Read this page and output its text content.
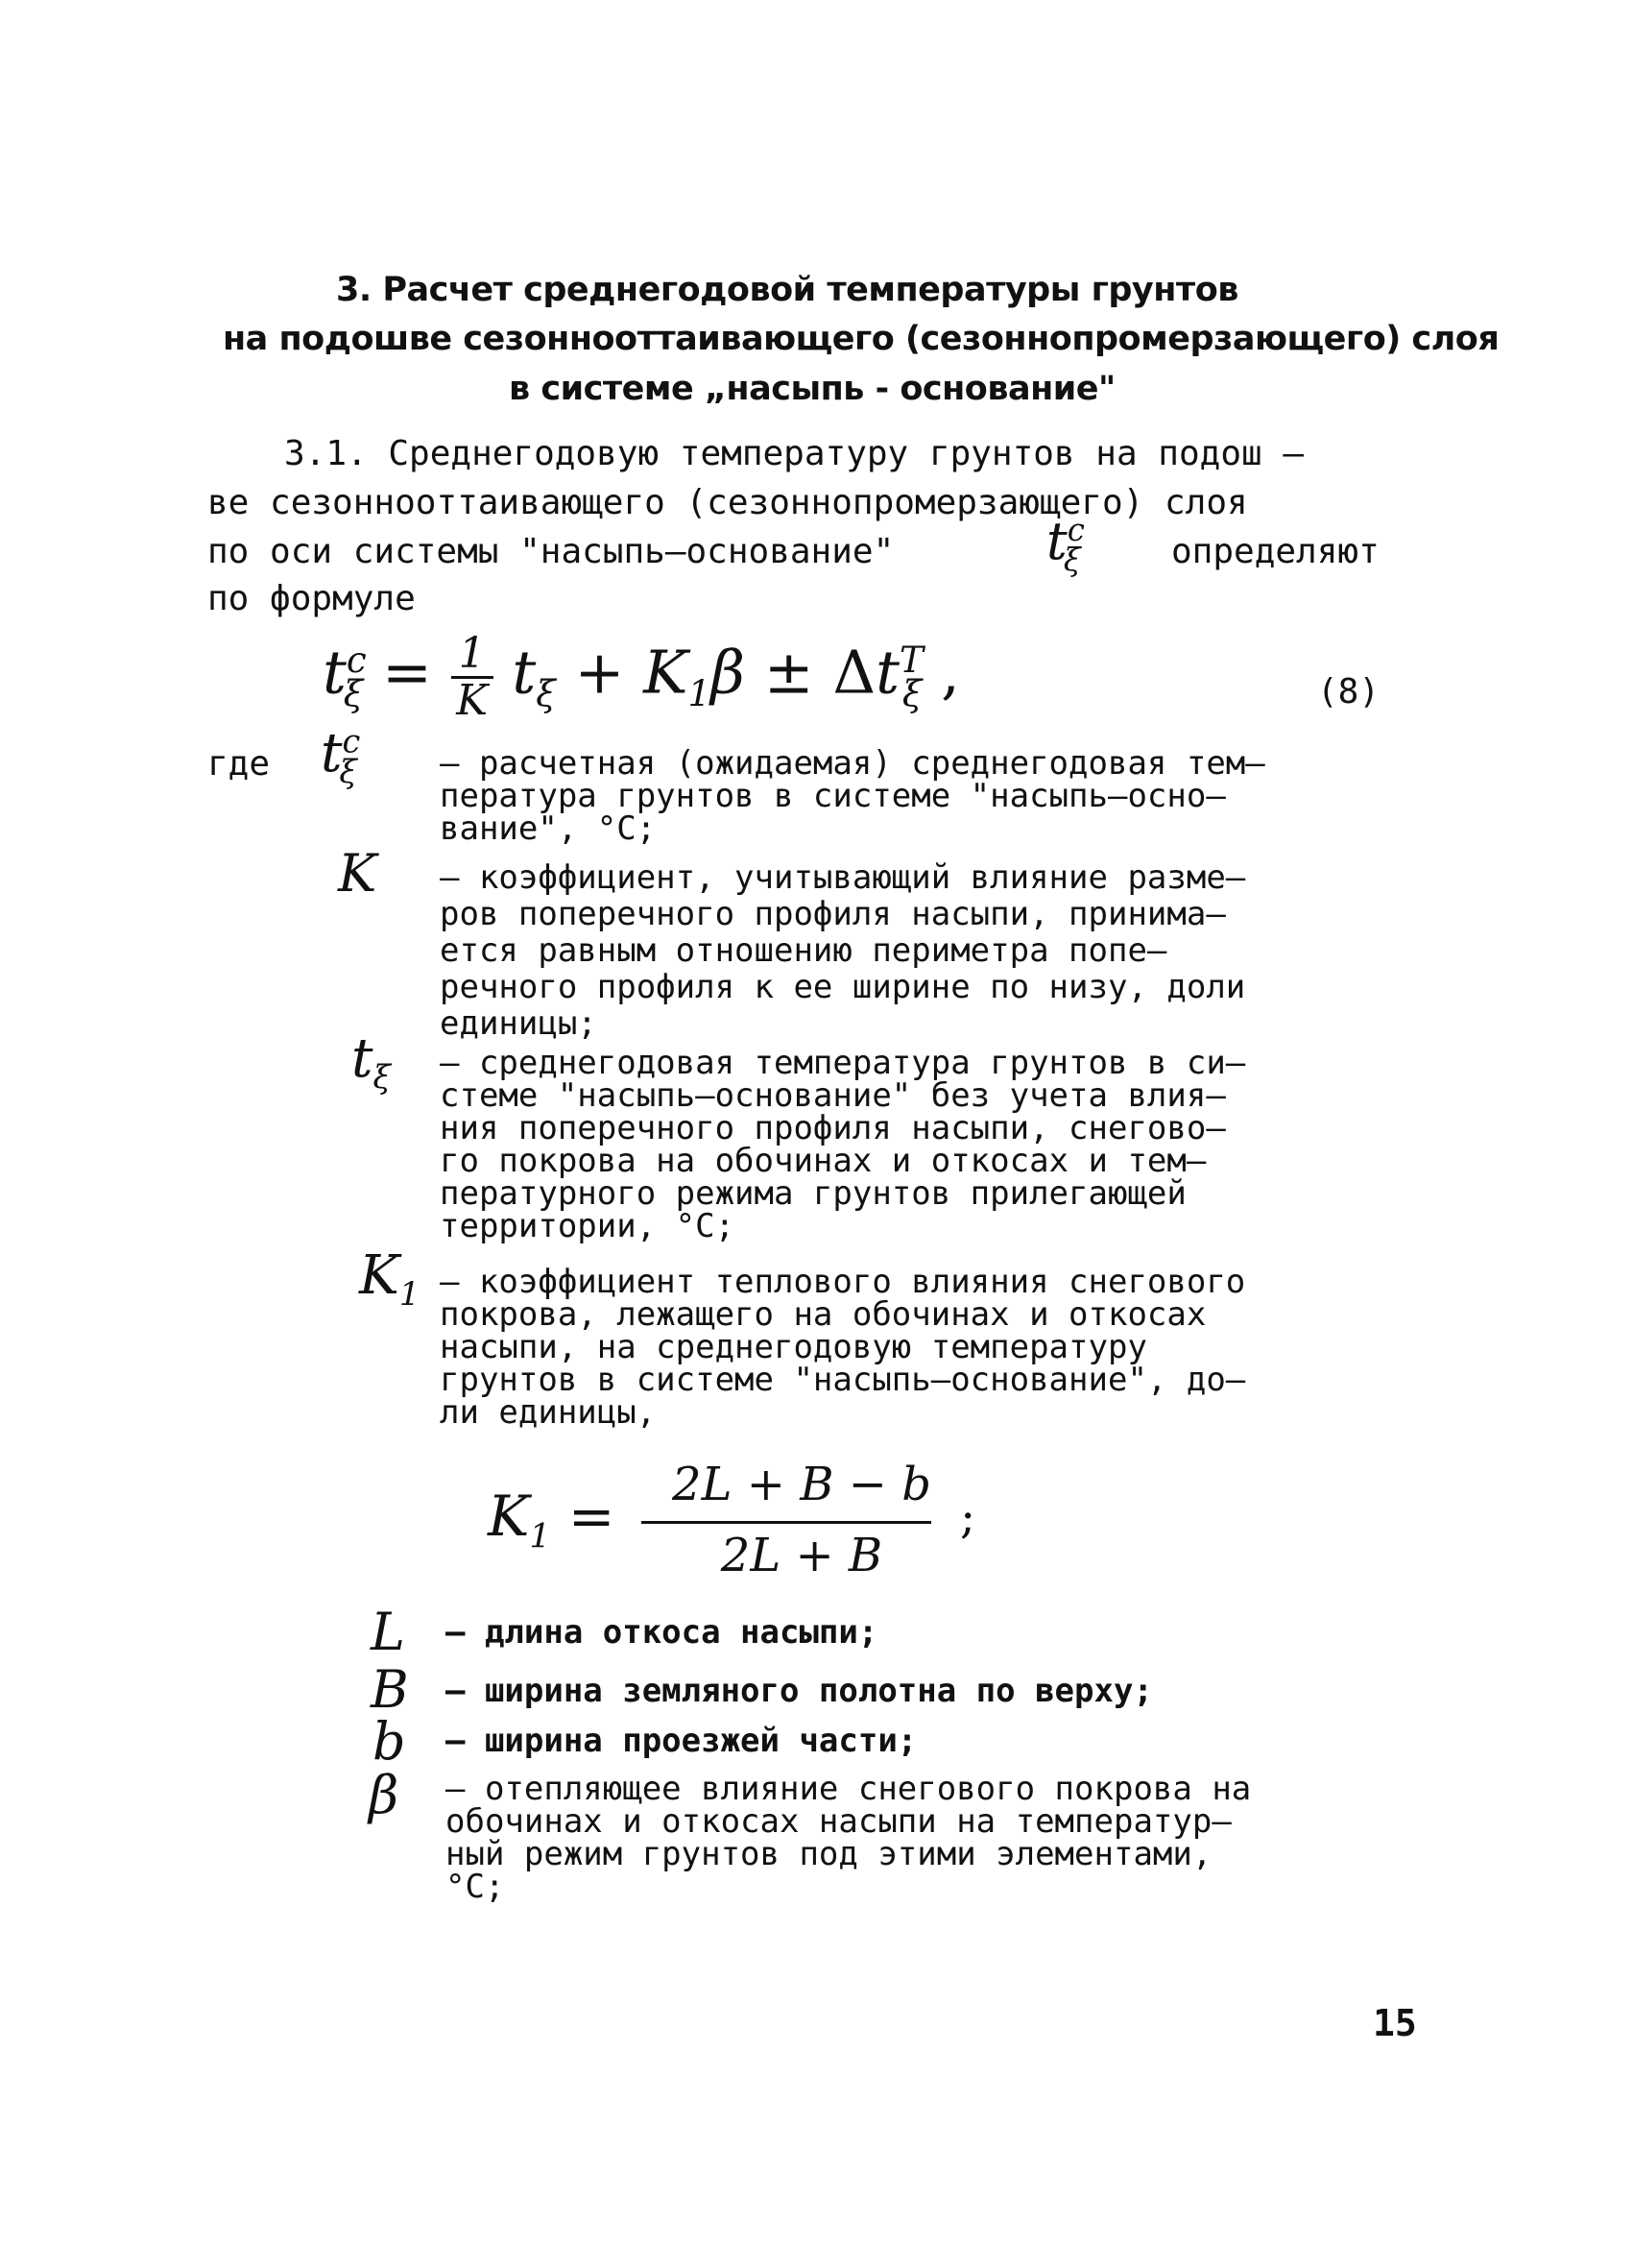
3. Расчет среднегодовой температуры грунтов
на подошве сезоннооттаивающего (сезоннопромерзающего) слоя
в системе „насыпь - основание"
3.1. Среднегодовую температуру грунтов на подош –
ве сезоннооттаивающего (сезоннопромерзающего) слоя
по оси системы "насыпь–основание"	$t^c_\xi$	определяют
по формуле
$t^c_\xi = \frac{1}{K} t_\xi + K_1\beta \pm \Delta t^T_\xi$ ,	(8)
где $t^c_\xi$	– расчетная (ожидаемая) среднегодовая тем–
пература грунтов в системе "насыпь–осно–
вание", °C;
K – коэффициент, учитывающий влияние разме–
ров поперечного профиля насыпи, принима–
ется равным отношению периметра попе–
речного профиля к ее ширине по низу, доли
единицы;
$t_\xi$ – среднегодовая температура грунтов в си–
стеме "насыпь–основание" без учета влия–
ния поперечного профиля насыпи, снегово–
го покрова на обочинах и откосах и тем–
пературного режима грунтов прилегающей
территории, °C;
$K_1$ – коэффициент теплового влияния снегового
покрова, лежащего на обочинах и откосах
насыпи, на среднегодовую температуру
грунтов в системе "насыпь–основание", до–
ли единицы,
$K_1 = 2L + B - b$
2L + B
;
L – длина откоса насыпи;
B – ширина земляного полотна по верху;
b – ширина проезжей части;
β – отепляющее влияние снегового покрова на
обочинах и откосах насыпи на температур–
ный режим грунтов под этими элементами,
°C;
15
